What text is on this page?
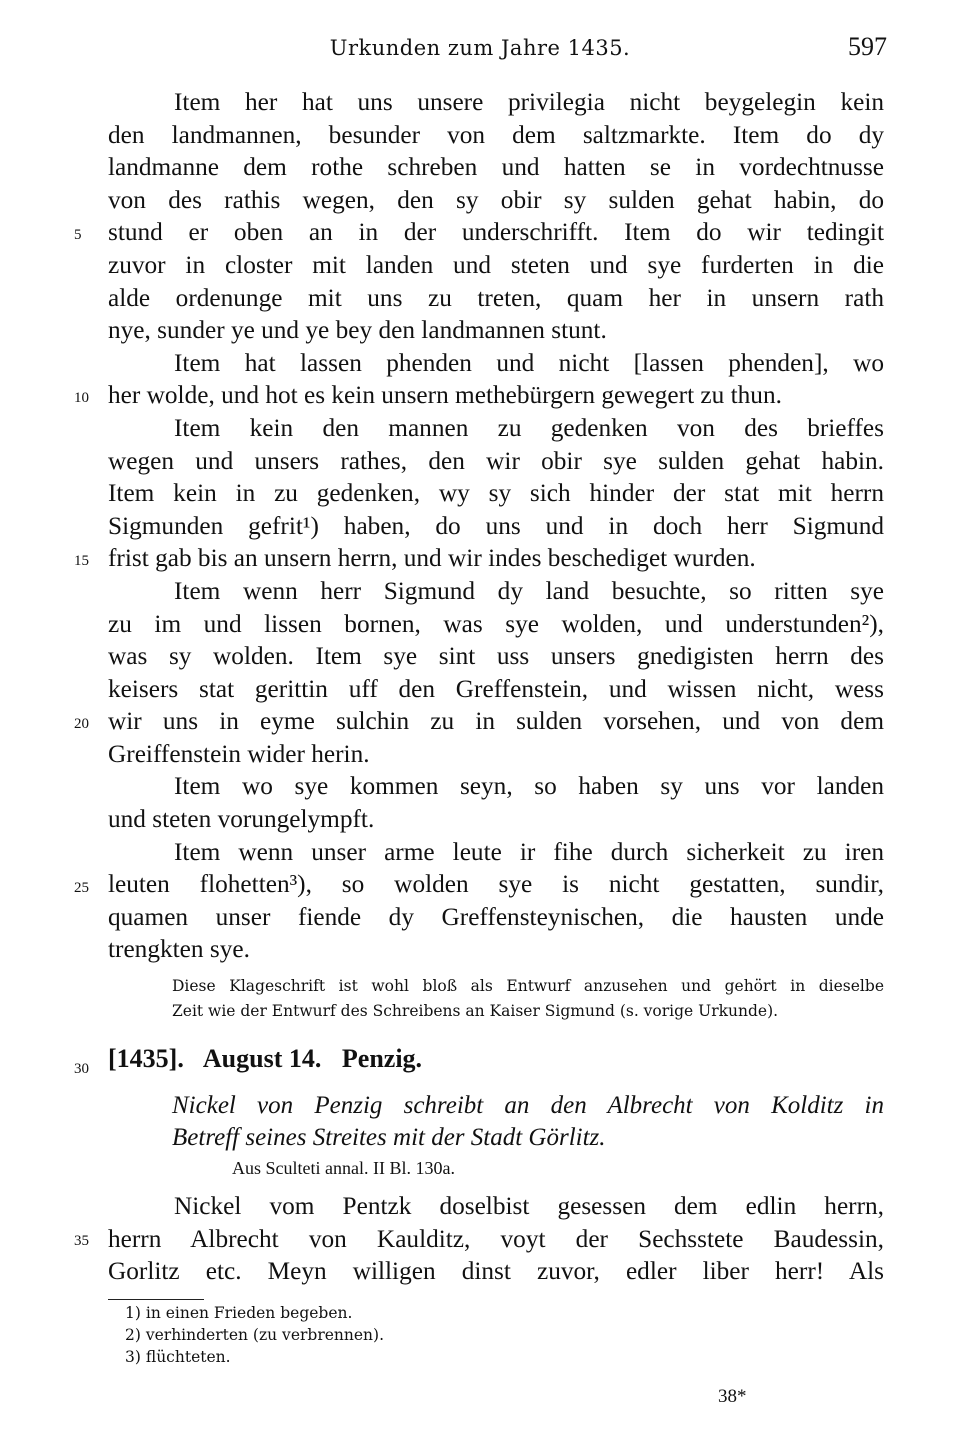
Urkunden zum Jahre 1435.	597
5
10
15
20
25
30
35
Item her hat uns unsere privilegia nicht beygelegin kein
den landmannen, besunder von dem saltzmarkte. Item do dy
landmanne dem rothe schreben und hatten se in vordechtnusse
von des rathis wegen, den sy obir sy sulden gehat habin, do
stund er oben an in der underschrifft. Item do wir tedingit
zuvor in closter mit landen und steten und sye furderten in die
alde ordenunge mit uns zu treten, quam her in unsern rath
nye, sunder ye und ye bey den landmannen stunt.
Item hat lassen phenden und nicht [lassen phenden], wo
her wolde, und hot es kein unsern methebürgern gewegert zu thun.
Item kein den mannen zu gedenken von des brieffes
wegen und unsers rathes, den wir obir sye sulden gehat habin.
Item kein in zu gedenken, wy sy sich hinder der stat mit herrn
Sigmunden gefrit¹) haben, do uns und in doch herr Sigmund
frist gab bis an unsern herrn, und wir indes beschediget wurden.
Item wenn herr Sigmund dy land besuchte, so ritten sye
zu im und lissen bornen, was sye wolden, und understunden²),
was sy wolden. Item sye sint uss unsers gnedigisten herrn des
keisers stat gerittin uff den Greffenstein, und wissen nicht, wess
wir uns in eyme sulchin zu in sulden vorsehen, und von dem
Greiffenstein wider herin.
Item wo sye kommen seyn, so haben sy uns vor landen
und steten vorungelympft.
Item wenn unser arme leute ir fihe durch sicherkeit zu iren
leuten flohetten³), so wolden sye is nicht gestatten, sundir,
quamen unser fiende dy Greffensteynischen, die hausten unde
trengkten sye.
Diese Klageschrift ist wohl bloß als Entwurf anzusehen und gehört in dieselbe
Zeit wie der Entwurf des Schreibens an Kaiser Sigmund (s. vorige Urkunde).
[1435]. August 14. Penzig.
Nickel von Penzig schreibt an den Albrecht von Kolditz in
Betreff seines Streites mit der Stadt Görlitz.
Aus Sculteti annal. II Bl. 130a.
Nickel vom Pentzk doselbist gesessen dem edlin herrn,
herrn Albrecht von Kaulditz, voyt der Sechsstete Baudessin,
Gorlitz etc. Meyn willigen dinst zuvor, edler liber herr! Als
1) in einen Frieden begeben.
2) verhinderten (zu verbrennen).
3) flüchteten.
38*
